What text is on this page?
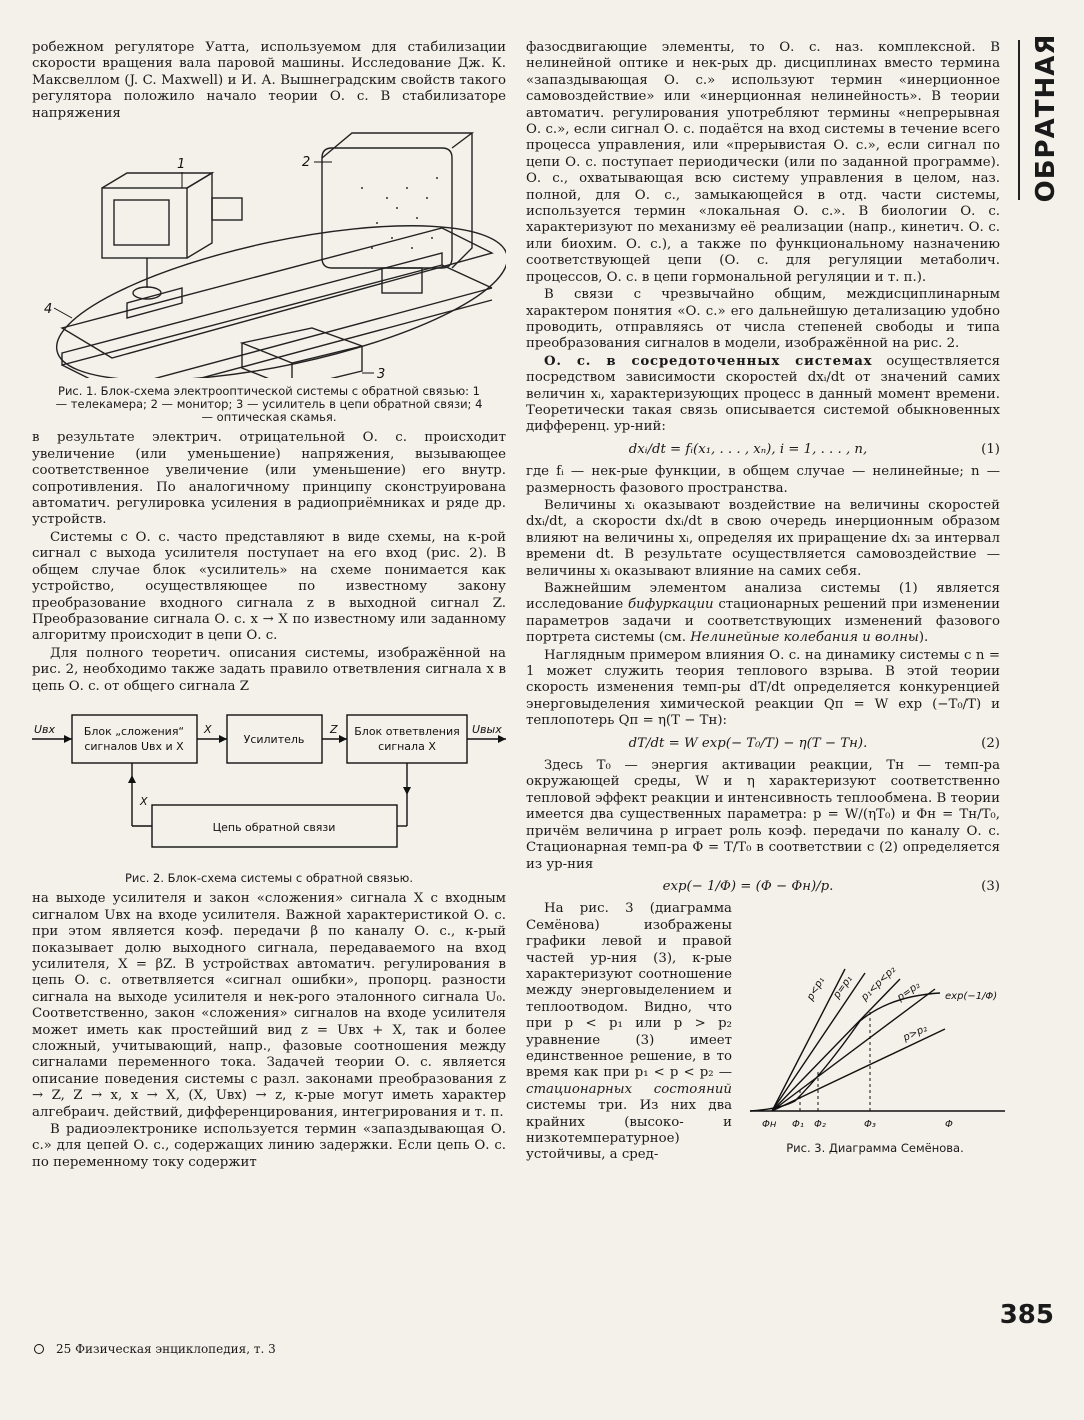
ОБРАТНАЯ

робежном регуляторе Уатта, используемом для стабилизации скорости вращения вала паровой машины. Исследование Дж. К. Максвеллом (J. C. Maxwell) и И. А. Вышнеградским свойств такого регулятора положило начало теории О. с. В стабилизаторе напряжения

1	2
3
4
Рис. 1. Блок-схема электрооптической системы с обратной связью: 1 — телекамера; 2 — монитор; 3 — усилитель в цепи обратной связи; 4 — оптическая скамья.

в результате электрич. отрицательной О. с. происходит увеличение (или уменьшение) напряжения, вызывающее соответственное увеличение (или уменьшение) его внутр. сопротивления. По аналогичному принципу сконструирована автоматич. регулировка усиления в радиоприёмниках и ряде др. устройств.

Системы с О. с. часто представляют в виде схемы, на к-рой сигнал с выхода усилителя поступает на его вход (рис. 2). В общем случае блок «усилитель» на схеме понимается как устройство, осуществляющее по известному закону преобразование входного сигнала z в выходной сигнал Z. Преобразование сигнала О. с. x → X по известному или заданному алгоритму происходит в цепи О. с.

Для полного теоретич. описания системы, изображённой на рис. 2, необходимо также задать правило ответвления сигнала x в цепь О. с. от общего сигнала Z

Uвх	Uвых
Блок „сложения“
сигналов Uвх и X
Усилитель
Блок ответвления
сигнала X
Цепь обратной связи
X	Z
X
Рис. 2. Блок-схема системы с обратной связью.

на выходе усилителя и закон «сложения» сигнала X с входным сигналом Uвх на входе усилителя. Важной характеристикой О. с. при этом является коэф. передачи β по каналу О. с., к-рый показывает долю выходного сигнала, передаваемого на вход усилителя, X = βZ. В устройствах автоматич. регулирования в цепь О. с. ответвляется «сигнал ошибки», пропорц. разности сигнала на выходе усилителя и нек-рого эталонного сигнала U₀. Соответственно, закон «сложения» сигналов на входе усилителя может иметь как простейший вид z = Uвх + X, так и более сложный, учитывающий, напр., фазовые соотношения между сигналами переменного тока. Задачей теории О. с. является описание поведения системы с разл. законами преобразования z → Z, Z → x, x → X, (X, Uвх) → z, к-рые могут иметь характер алгебраич. действий, дифференцирования, интегрирования и т. п.

В радиоэлектронике используется термин «запаздывающая О. с.» для цепей О. с., содержащих линию задержки. Если цепь О. с. по переменному току содержит

фазосдвигающие элементы, то О. с. наз. комплексной. В нелинейной оптике и нек-рых др. дисциплинах вместо термина «запаздывающая О. с.» используют термин «инерционное самовоздействие» или «инерционная нелинейность». В теории автоматич. регулирования употребляют термины «непрерывная О. с.», если сигнал О. с. подаётся на вход системы в течение всего процесса управления, или «прерывистая О. с.», если сигнал по цепи О. с. поступает периодически (или по заданной программе). О. с., охватывающая всю систему управления в целом, наз. полной, для О. с., замыкающейся в отд. части системы, используется термин «локальная О. с.». В биологии О. с. характеризуют по механизму её реализации (напр., кинетич. О. с. или биохим. О. с.), а также по функциональному назначению соответствующей цепи (О. с. для регуляции метаболич. процессов, О. с. в цепи гормональной регуляции и т. п.).

В связи с чрезвычайно общим, междисциплинарным характером понятия «О. с.» его дальнейшую детализацию удобно проводить, отправляясь от числа степеней свободы и типа преобразования сигналов в модели, изображённой на рис. 2.

О. с. в сосредоточенных системах осуществляется посредством зависимости скоростей dxᵢ/dt от значений самих величин xᵢ, характеризующих процесс в данный момент времени. Теоретически такая связь описывается системой обыкновенных дифференц. ур-ний:

dxᵢ/dt = fᵢ(x₁, . . . , xₙ), i = 1, . . . , n,	(1)

где fᵢ — нек-рые функции, в общем случае — нелинейные; n — размерность фазового пространства.

Величины xᵢ оказывают воздействие на величины скоростей dxᵢ/dt, а скорости dxᵢ/dt в свою очередь инерционным образом влияют на величины xᵢ, определяя их приращение dxᵢ за интервал времени dt. В результате осуществляется самовоздействие — величины xᵢ оказывают влияние на самих себя.

Важнейшим элементом анализа системы (1) является исследование бифуркации стационарных решений при изменении параметров задачи и соответствующих изменений фазового портрета системы (см. Нелинейные колебания и волны).

Наглядным примером влияния О. с. на динамику системы с n = 1 может служить теория теплового взрыва. В этой теории скорость изменения темп-ры dT/dt определяется конкуренцией энерговыделения химической реакции Qп = W exp (−T₀/T) и теплопотерь Qп = η(T − Tн):

dT/dt = W exp(− T₀/T) − η(T − Tн).	(2)

Здесь T₀ — энергия активации реакции, Tн — темп-ра окружающей среды, W и η характеризуют соответственно тепловой эффект реакции и интенсивность теплообмена. В теории имеется два существенных параметра: p = W/(ηT₀) и Φн = Tн/T₀, причём величина p играет роль коэф. передачи по каналу О. с. Стационарная темп-ра Φ = T/T₀ в соответствии с (2) определяется из ур-ния

exp(− 1/Φ) = (Φ − Φн)/p.	(3)
exp(−1/Φ)
p<p₁ p=p₁ p₁<p<p₂
p=p₂
p>p₂
Φн Φ₁ Φ₂	Φ₃	Φ
Рис. 3. Диаграмма Семёнова.

На рис. 3 (диаграмма Семёнова) изображены графики левой и правой частей ур-ния (3), к-рые характеризуют соотношение между энерговыделением и теплоотводом. Видно, что при p < p₁ или p > p₂ уравнение (3) имеет единственное решение, в то время как при p₁ < p < p₂ — стационарных состояний системы три. Из них два крайних (высоко- и низкотемпературное) устойчивы, а сред-

385
25 Физическая энциклопедия, т. 3
